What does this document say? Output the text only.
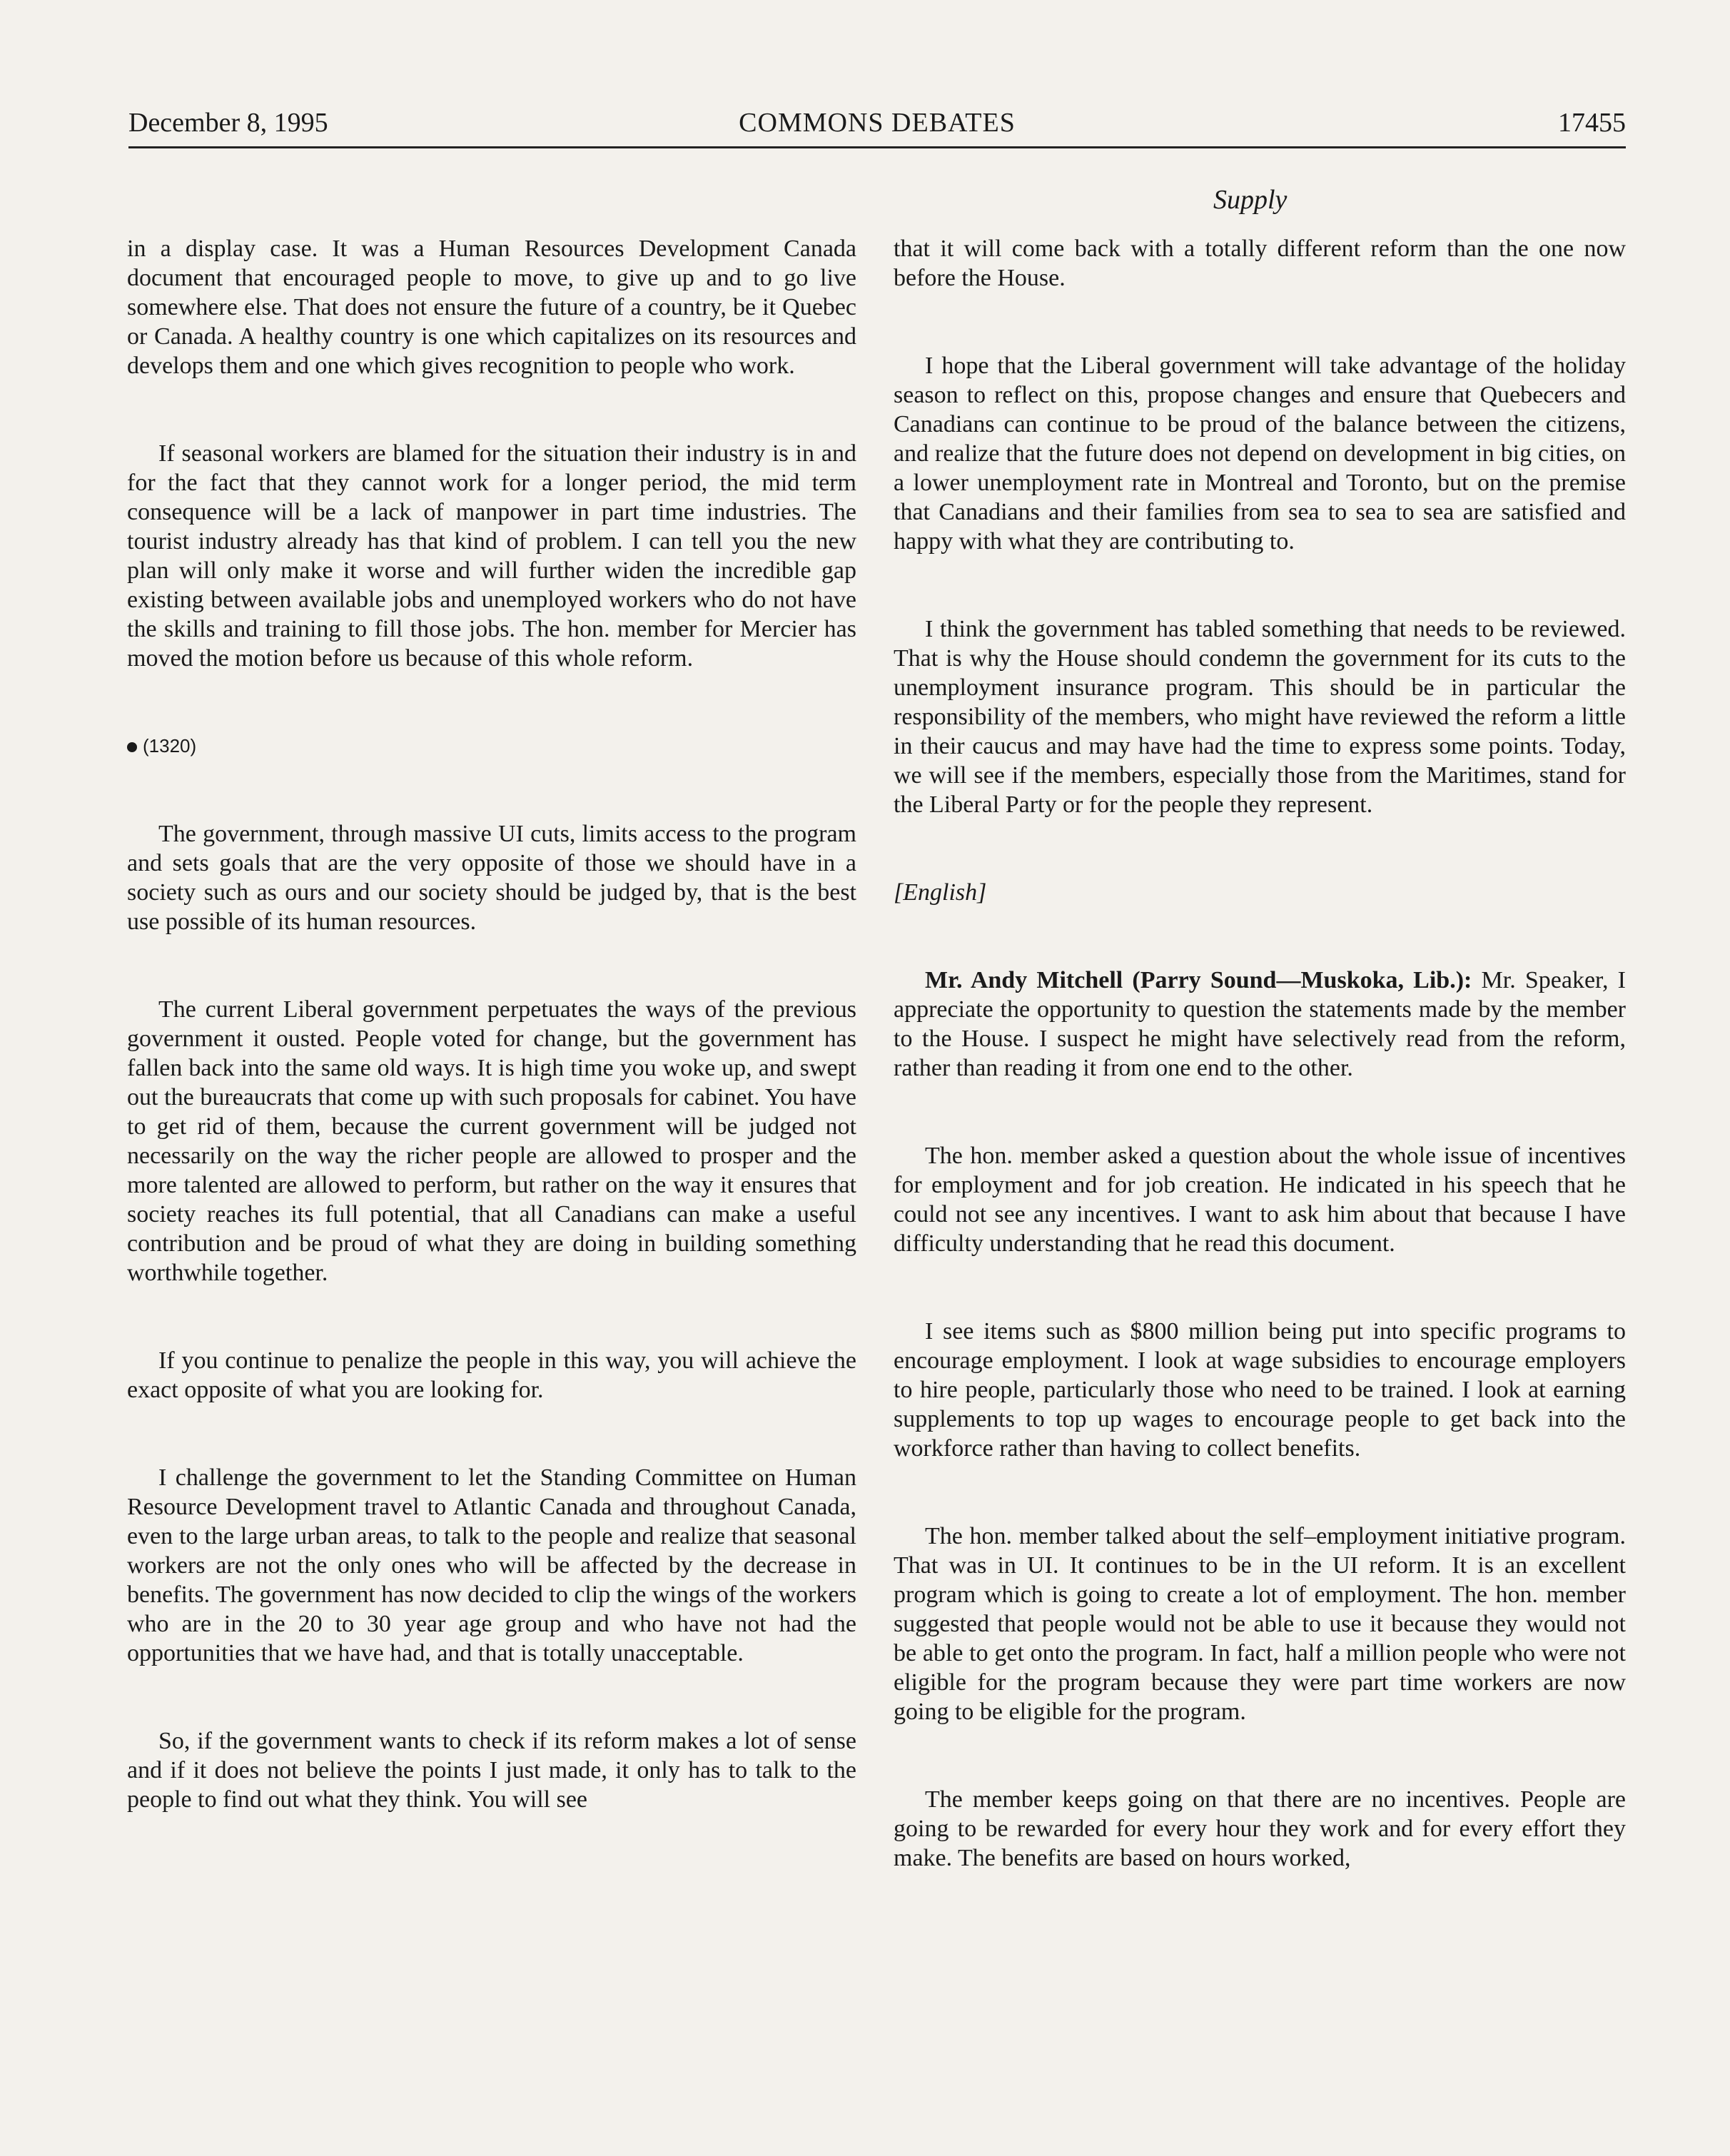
December 8, 1995	COMMONS DEBATES	17455
Supply

in a display case. It was a Human Resources Development Canada document that encouraged people to move, to give up and to go live somewhere else. That does not ensure the future of a country, be it Quebec or Canada. A healthy country is one which capitalizes on its resources and develops them and one which gives recognition to people who work.

If seasonal workers are blamed for the situation their industry is in and for the fact that they cannot work for a longer period, the mid term consequence will be a lack of manpower in part time industries. The tourist industry already has that kind of problem. I can tell you the new plan will only make it worse and will further widen the incredible gap existing between available jobs and unemployed workers who do not have the skills and training to fill those jobs. The hon. member for Mercier has moved the motion before us because of this whole reform.

(1320)

The government, through massive UI cuts, limits access to the program and sets goals that are the very opposite of those we should have in a society such as ours and our society should be judged by, that is the best use possible of its human resources.

The current Liberal government perpetuates the ways of the previous government it ousted. People voted for change, but the government has fallen back into the same old ways. It is high time you woke up, and swept out the bureaucrats that come up with such proposals for cabinet. You have to get rid of them, because the current government will be judged not necessarily on the way the richer people are allowed to prosper and the more talented are allowed to perform, but rather on the way it ensures that society reaches its full potential, that all Canadians can make a useful contribution and be proud of what they are doing in building something worthwhile together.

If you continue to penalize the people in this way, you will achieve the exact opposite of what you are looking for.

I challenge the government to let the Standing Committee on Human Resource Development travel to Atlantic Canada and throughout Canada, even to the large urban areas, to talk to the people and realize that seasonal workers are not the only ones who will be affected by the decrease in benefits. The government has now decided to clip the wings of the workers who are in the 20 to 30 year age group and who have not had the opportunities that we have had, and that is totally unacceptable.

So, if the government wants to check if its reform makes a lot of sense and if it does not believe the points I just made, it only has to talk to the people to find out what they think. You will see

that it will come back with a totally different reform than the one now before the House.

I hope that the Liberal government will take advantage of the holiday season to reflect on this, propose changes and ensure that Quebecers and Canadians can continue to be proud of the balance between the citizens, and realize that the future does not depend on development in big cities, on a lower unemployment rate in Montreal and Toronto, but on the premise that Canadians and their families from sea to sea to sea are satisfied and happy with what they are contributing to.

I think the government has tabled something that needs to be reviewed. That is why the House should condemn the government for its cuts to the unemployment insurance program. This should be in particular the responsibility of the members, who might have reviewed the reform a little in their caucus and may have had the time to express some points. Today, we will see if the members, especially those from the Maritimes, stand for the Liberal Party or for the people they represent.

[English]

Mr. Andy Mitchell (Parry Sound—Muskoka, Lib.): Mr. Speaker, I appreciate the opportunity to question the statements made by the member to the House. I suspect he might have selectively read from the reform, rather than reading it from one end to the other.

The hon. member asked a question about the whole issue of incentives for employment and for job creation. He indicated in his speech that he could not see any incentives. I want to ask him about that because I have difficulty understanding that he read this document.

I see items such as $800 million being put into specific programs to encourage employment. I look at wage subsidies to encourage employers to hire people, particularly those who need to be trained. I look at earning supplements to top up wages to encourage people to get back into the workforce rather than having to collect benefits.

The hon. member talked about the self–employment initiative program. That was in UI. It continues to be in the UI reform. It is an excellent program which is going to create a lot of employment. The hon. member suggested that people would not be able to use it because they would not be able to get onto the program. In fact, half a million people who were not eligible for the program because they were part time workers are now going to be eligible for the program.

The member keeps going on that there are no incentives. People are going to be rewarded for every hour they work and for every effort they make. The benefits are based on hours worked,
